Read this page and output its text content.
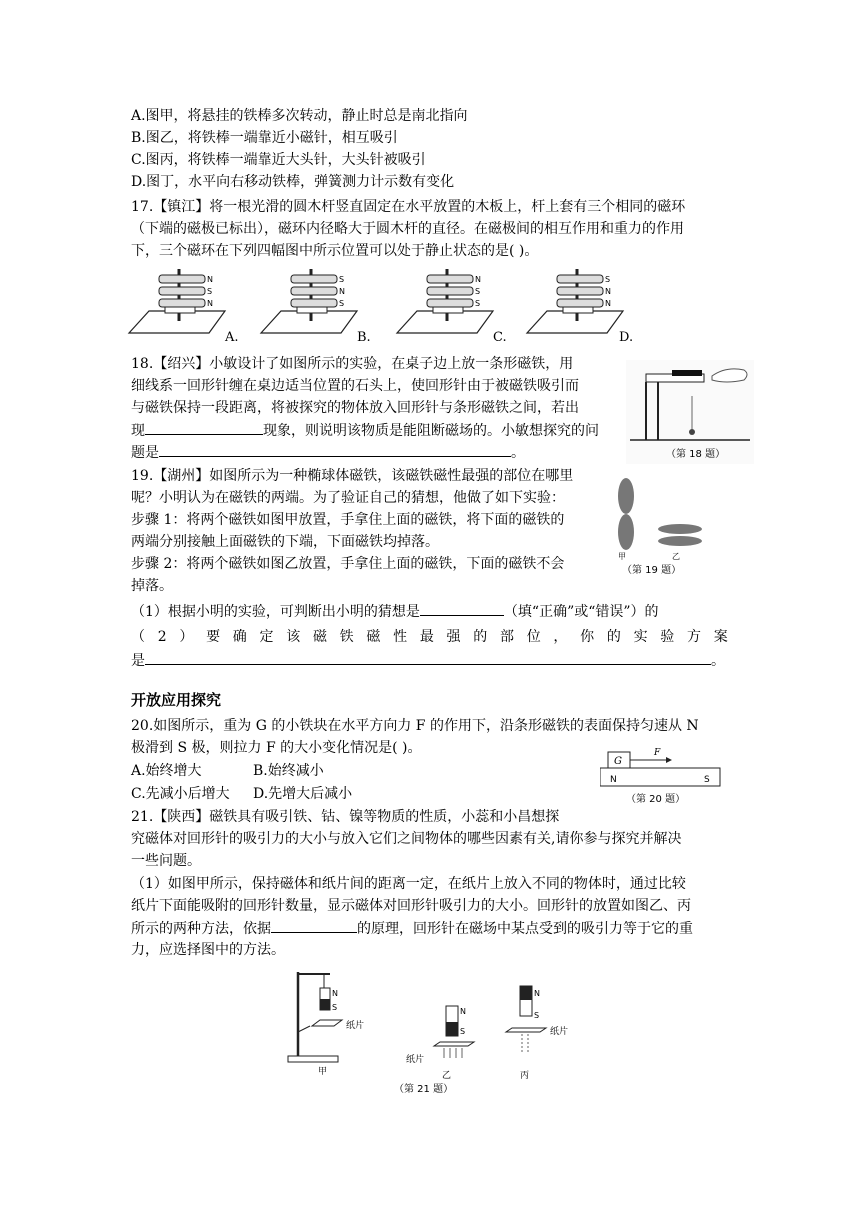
A.图甲，将悬挂的铁棒多次转动，静止时总是南北指向
B.图乙，将铁棒一端靠近小磁针，相互吸引
C.图丙，将铁棒一端靠近大头针，大头针被吸引
D.图丁，水平向右移动铁棒，弹簧测力计示数有变化
17.【镇江】将一根光滑的圆木杆竖直固定在水平放置的木板上，杆上套有三个相同的磁环
（下端的磁极已标出），磁环内径略大于圆木杆的直径。在磁极间的相互作用和重力的作用
下，三个磁环在下列四幅图中所示位置可以处于静止状态的是( )。
N
S
N
A.
S
N
S
B.
N
S
S
C.
S
N
N
D.
18.【绍兴】小敏设计了如图所示的实验，在桌子边上放一条形磁铁，用
细线系一回形针缠在桌边适当位置的石头上，使回形针由于被磁铁吸引而
与磁铁保持一段距离，将被探究的物体放入回形针与条形磁铁之间，若出
现	现象，则说明该物质是能阻断磁场的。小敏想探究的问
题是	。	（第 18 题）
19.【湖州】如图所示为一种椭球体磁铁，该磁铁磁性最强的部位在哪里
呢？小明认为在磁铁的两端。为了验证自己的猜想，他做了如下实验：
步骤 1：将两个磁铁如图甲放置，手拿住上面的磁铁，将下面的磁铁的
两端分别接触上面磁铁的下端，下面磁铁均掉落。
步骤 2：将两个磁铁如图乙放置，手拿住上面的磁铁，下面的磁铁不会
掉落。
（1）根据小明的实验，可判断出小明的猜想是	（填“正确”或“错误”）的
（ 2 ） 要 确 定 该 磁 铁 磁 性 最 强 的 部 位 ， 你 的 实 验 方 案
是	。
甲	乙
（第 19 题）
开放应用探究
20.如图所示，重为 G 的小铁块在水平方向力 F 的作用下，沿条形磁铁的表面保持匀速从 N
极滑到 S 极，则拉力 F 的大小变化情况是( )。
A.始终增大	B.始终减小
C.先减小后增大 D.先增大后减小
G
F
N	S
（第 20 题）
21.【陕西】磁铁具有吸引铁、钴、镍等物质的性质，小蕊和小昌想探
究磁体对回形针的吸引力的大小与放入它们之间物体的哪些因素有关,请你参与探究并解决
一些问题。
（1）如图甲所示，保持磁体和纸片间的距离一定，在纸片上放入不同的物体时，通过比较
纸片下面能吸附的回形针数量，显示磁体对回形针吸引力的大小。回形针的放置如图乙、丙
所示的两种方法，依据	的原理，回形针在磁场中某点受到的吸引力等于它的重
力，应选择图中的方法。
N
S
纸片
甲
N
S
纸片
乙
N
S
纸片
丙
（第 21 题）
